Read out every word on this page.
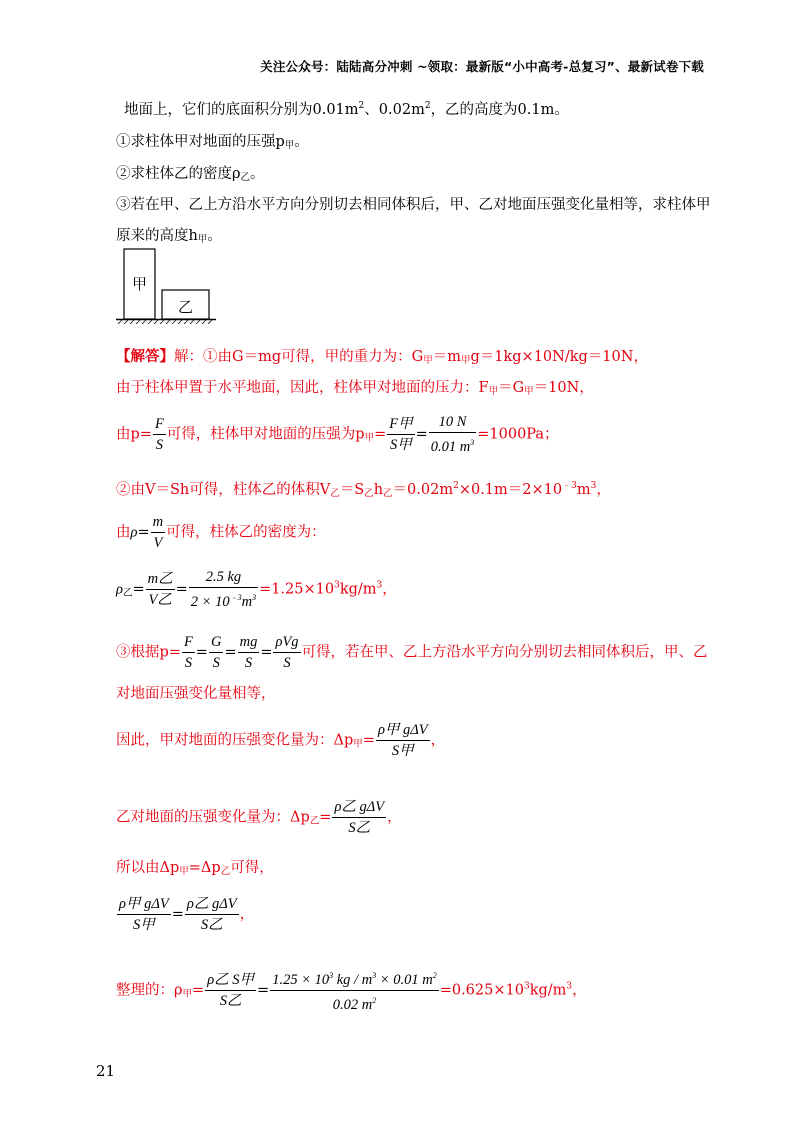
关注公众号：陆陆高分冲刺 ~领取：最新版“小中高考-总复习”、最新试卷下载
地面上，它们的底面积分别为$0.01m^2$、$0.02m^2$，乙的高度为0.1m。
①求柱体甲对地面的压强$p_甲$。
②求柱体乙的密度$\rho_乙$。
③若在甲、乙上方沿水平方向分别切去相同体积后，甲、乙对地面压强变化量相等，求柱体甲
原来的高度$h_甲$。
甲
乙
【解答】解：①由G＝mg可得，甲的重力为：$G_甲=m_甲g=1kg\times 10N/kg=10N$，
由于柱体甲置于水平地面，因此，柱体甲对地面的压力：$F_甲=G_甲=10N$，
由$p= \frac{F}{S}$ 可得，柱体甲对地面的压强为$p_甲= \frac{\text{F甲}}{\text{S甲}} = \frac{10 N}{0.01 m^3} =1000Pa$；
②由V＝Sh可得，柱体乙的体积$V_乙=S_乙h_乙=0.02m^2\times 0.1m=2\times 10^{﹣3}m^3$，
由$\rho= \frac{m}{V}$ 可得，柱体乙的密度为：
$\rho_乙= \frac{\text{m乙}}{\text{V乙}} = \frac{2.5 kg}{2 \times 10^{﹣3}m^3} =1.25\times 10^3kg/m^3$，
③根据$p= \frac{F}{S} = \frac{G}{S} = \frac{mg}{S} = \frac{\text{ρVg}}{S}$ 可得，若在甲、乙上方沿水平方向分别切去相同体积后，甲、乙
对地面压强变化量相等，
因此，甲对地面的压强变化量为：$\Delta p_甲= \frac{\text{ρ甲 gΔV}}{\text{S甲}}$ ，
乙对地面的压强变化量为：$\Delta p_乙= \frac{\text{ρ乙 gΔV}}{\text{S乙}}$ ，
所以由$\Delta p_甲=\Delta p_乙$可得，
$\frac{\text{ρ甲 gΔV}}{\text{S甲}} = \frac{\text{ρ乙 gΔV}}{\text{S乙}}$ ，
整理的：$\rho_甲= \frac{\text{ρ乙 S甲}}{\text{S乙}} = \frac{1.25 \times 10^3 kg / m^3 \times 0.01 m^2}{0.02 m^2} =0.625\times 10^3kg/m^3$，
21
